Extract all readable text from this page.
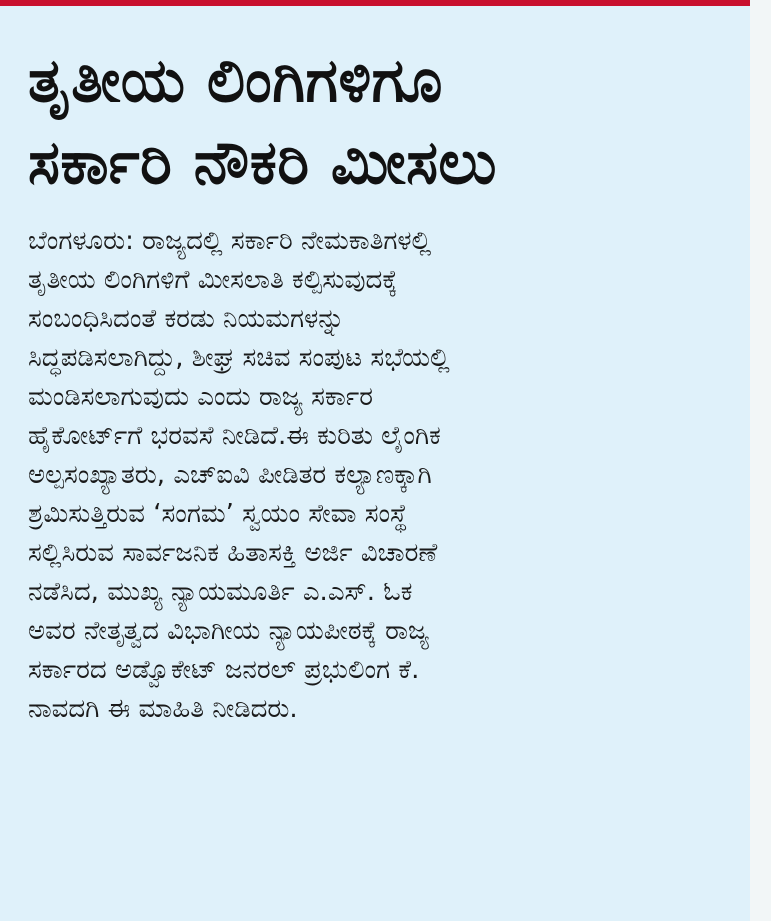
ತೃತೀಯ ಲಿಂಗಿಗಳಿಗೂ
ಸರ್ಕಾರಿ ನೌಕರಿ ಮೀಸಲು

ಬೆಂಗಳೂರು: ರಾಜ್ಯದಲ್ಲಿ ಸರ್ಕಾರಿ ನೇಮಕಾತಿಗಳಲ್ಲಿ
ತೃತೀಯ ಲಿಂಗಿಗಳಿಗೆ ಮೀಸಲಾತಿ ಕಲ್ಪಿಸುವುದಕ್ಕೆ
ಸಂಬಂಧಿಸಿದಂತೆ ಕರಡು ನಿಯಮಗಳನ್ನು
ಸಿದ್ಧಪಡಿಸಲಾಗಿದ್ದು, ಶೀಘ್ರ ಸಚಿವ ಸಂಪುಟ ಸಭೆಯಲ್ಲಿ
ಮಂಡಿಸಲಾಗುವುದು ಎಂದು ರಾಜ್ಯ ಸರ್ಕಾರ
ಹೈಕೋರ್ಟ್‌ಗೆ ಭರವಸೆ ನೀಡಿದೆ.ಈ ಕುರಿತು ಲೈಂಗಿಕ
ಅಲ್ಪಸಂಖ್ಯಾತರು, ಎಚ್‌ಐವಿ ಪೀಡಿತರ ಕಲ್ಯಾಣಕ್ಕಾಗಿ
ಶ್ರಮಿಸುತ್ತಿರುವ ‘ಸಂಗಮ’ ಸ್ವಯಂ ಸೇವಾ ಸಂಸ್ಥೆ
ಸಲ್ಲಿಸಿರುವ ಸಾರ್ವಜನಿಕ ಹಿತಾಸಕ್ತಿ ಅರ್ಜಿ ವಿಚಾರಣೆ
ನಡೆಸಿದ, ಮುಖ್ಯ ನ್ಯಾಯಮೂರ್ತಿ ಎ.ಎಸ್. ಓಕ
ಅವರ ನೇತೃತ್ವದ ವಿಭಾಗೀಯ ನ್ಯಾಯಪೀಠಕ್ಕೆ ರಾಜ್ಯ
ಸರ್ಕಾರದ ಅಡ್ವೊಕೇಟ್ ಜನರಲ್ ಪ್ರಭುಲಿಂಗ ಕೆ.
ನಾವದಗಿ ಈ ಮಾಹಿತಿ ನೀಡಿದರು.
